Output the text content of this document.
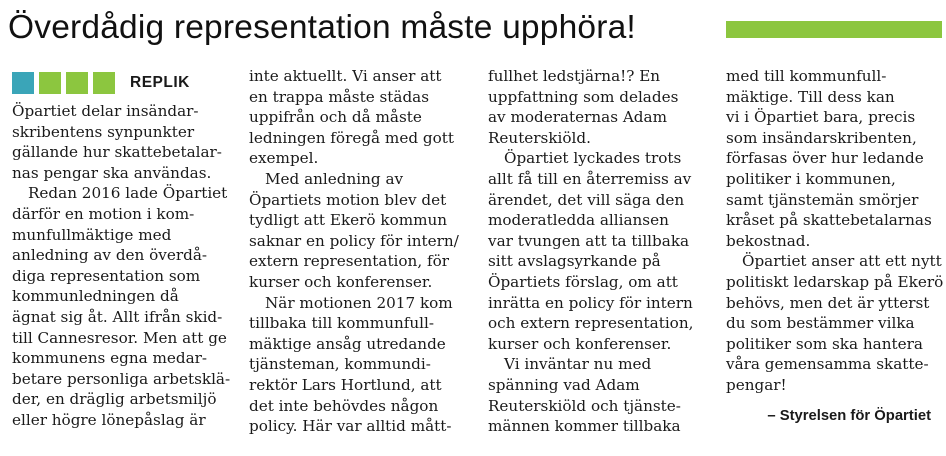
Överdådig representation måste upphöra!
REPLIK
Öpartiet delar insändar-
skribentens synpunkter
gällande hur skattebetalar-
nas pengar ska användas.
Redan 2016 lade Öpartiet
därför en motion i kom-
munfullmäktige med
anledning av den överdå-
diga representation som
kommunledningen då
ägnat sig åt. Allt ifrån skid-
till Cannesresor. Men att ge
kommunens egna medar-
betare personliga arbetsklä-
der, en dräglig arbetsmiljö
eller högre lönepåslag är
inte aktuellt. Vi anser att
en trappa måste städas
uppifrån och då måste
ledningen föregå med gott
exempel.
Med anledning av
Öpartiets motion blev det
tydligt att Ekerö kommun
saknar en policy för intern/
extern representation, för
kurser och konferenser.
När motionen 2017 kom
tillbaka till kommunfull-
mäktige ansåg utredande
tjänsteman, kommundi-
rektör Lars Hortlund, att
det inte behövdes någon
policy. Här var alltid mått-
fullhet ledstjärna!? En
uppfattning som delades
av moderaternas Adam
Reuterskiöld.
Öpartiet lyckades trots
allt få till en återremiss av
ärendet, det vill säga den
moderatledda alliansen
var tvungen att ta tillbaka
sitt avslagsyrkande på
Öpartiets förslag, om att
inrätta en policy för intern
och extern representation,
kurser och konferenser.
Vi inväntar nu med
spänning vad Adam
Reuterskiöld och tjänste-
männen kommer tillbaka
med till kommunfull-
mäktige. Till dess kan
vi i Öpartiet bara, precis
som insändarskribenten,
förfasas över hur ledande
politiker i kommunen,
samt tjänstemän smörjer
kråset på skattebetalarnas
bekostnad.
Öpartiet anser att ett nytt
politiskt ledarskap på Ekerö
behövs, men det är ytterst
du som bestämmer vilka
politiker som ska hantera
våra gemensamma skatte-
pengar!
– Styrelsen för Öpartiet
